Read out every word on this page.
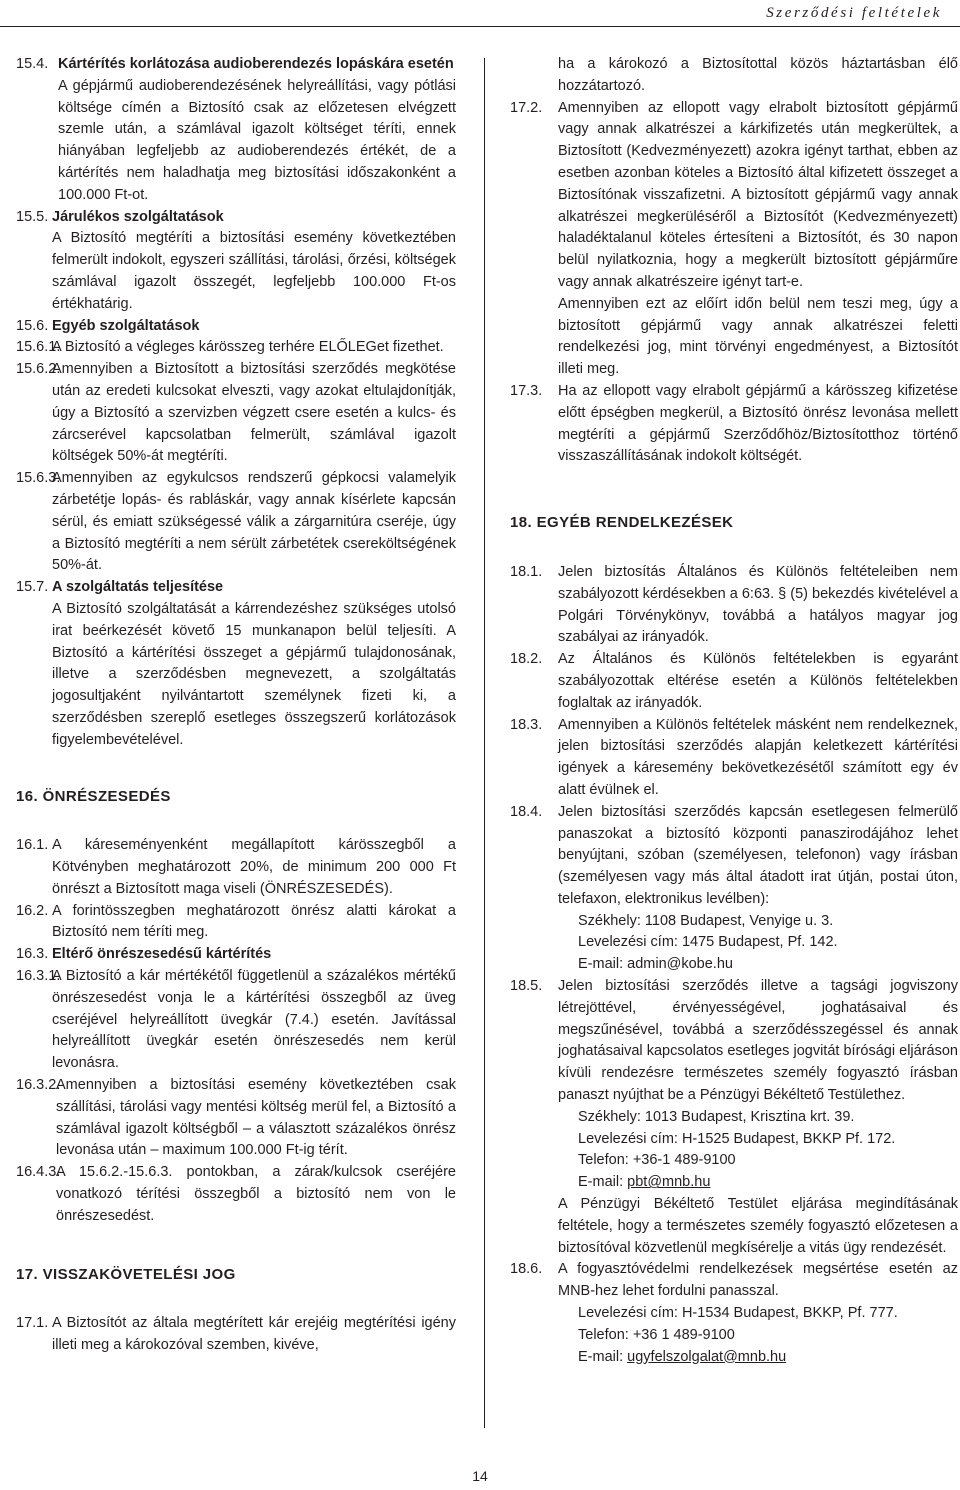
Szerződési feltételek
15.4. Kártérítés korlátozása audioberendezés lopáskára esetén
A gépjármű audioberendezésének helyreállítási, vagy pótlási költsége címén a Biztosító csak az előzetesen elvégzett szemle után, a számlával igazolt költséget téríti, ennek hiányában legfeljebb az audioberendezés értékét, de a kártérítés nem haladhatja meg biztosítási időszakonként a 100.000 Ft-ot.
15.5. Járulékos szolgáltatások
A Biztosító megtéríti a biztosítási esemény következtében felmerült indokolt, egyszeri szállítási, tárolási, őrzési, költségek számlával igazolt összegét, legfeljebb 100.000 Ft-os értékhatárig.
15.6. Egyéb szolgáltatások
15.6.1.
A Biztosító a végleges kárösszeg terhére ELŐLEGet fizethet.
15.6.2.
Amennyiben a Biztosított a biztosítási szerződés megkötése után az eredeti kulcsokat elveszti, vagy azokat eltulajdonítják, úgy a Biztosító a szervizben végzett csere esetén a kulcs- és zárcserével kapcsolatban felmerült, számlával igazolt költségek 50%-át megtéríti.
15.6.3.
Amennyiben az egykulcsos rendszerű gépkocsi valamelyik zárbetétje lopás- és rabláskár, vagy annak kísérlete kapcsán sérül, és emiatt szükségessé válik a zárgarnitúra cseréje, úgy a Biztosító megtéríti a nem sérült zárbetétek csereköltségének 50%-át.
15.7. A szolgáltatás teljesítése
A Biztosító szolgáltatását a kárrendezéshez szükséges utolsó irat beérkezését követő 15 munkanapon belül teljesíti. A Biztosító a kártérítési összeget a gépjármű tulajdonosának, illetve a szerződésben megnevezett, a szolgáltatás jogosultjaként nyilvántartott személynek fizeti ki, a szerződésben szereplő esetleges összegszerű korlátozások figyelembevételével.
16. ÖNRÉSZESEDÉS
16.1. A káreseményenként megállapított kárösszegből a Kötvényben meghatározott 20%, de minimum 200 000 Ft önrészt a Biztosított maga viseli (ÖNRÉSZESEDÉS).
16.2. A forintösszegben meghatározott önrész alatti károkat a Biztosító nem téríti meg.
16.3. Eltérő önrészesedésű kártérítés
16.3.1.
A Biztosító a kár mértékétől függetlenül a százalékos mértékű önrészesedést vonja le a kártérítési összegből az üveg cseréjével helyreállított üvegkár (7.4.) esetén. Javítással helyreállított üvegkár esetén önrészesedés nem kerül levonásra.
16.3.2.
Amennyiben a biztosítási esemény következtében csak szállítási, tárolási vagy mentési költség merül fel, a Biztosító a számlával igazolt költségből – a választott százalékos önrész levonása után – maximum 100.000 Ft-ig térít.
16.4.3.
A 15.6.2.-15.6.3. pontokban, a zárak/kulcsok cseréjére vonatkozó térítési összegből a biztosító nem von le önrészesedést.
17. VISSZAKÖVETELÉSI JOG
17.1. A Biztosítót az általa megtérített kár erejéig megtérítési igény illeti meg a károkozóval szemben, kivéve,
ha a károkozó a Biztosítottal közös háztartásban élő hozzátartozó.
17.2.	Amennyiben az ellopott vagy elrabolt biztosított gépjármű vagy annak alkatrészei a kárkifizetés után megkerültek, a Biztosított (Kedvezményezett) azokra igényt tarthat, ebben az esetben azonban köteles a Biztosító által kifizetett összeget a Biztosítónak visszafizetni. A biztosított gépjármű vagy annak alkatrészei megkerüléséről a Biztosítót (Kedvezményezett) haladéktalanul köteles értesíteni a Biztosítót, és 30 napon belül nyilatkoznia, hogy a megkerült biztosított gépjárműre vagy annak alkatrészeire igényt tart-e.
Amennyiben ezt az előírt időn belül nem teszi meg, úgy a biztosított gépjármű vagy annak alkatrészei feletti rendelkezési jog, mint törvényi engedményest, a Biztosítót illeti meg.
17.3.	Ha az ellopott vagy elrabolt gépjármű a kárösszeg kifizetése előtt épségben megkerül, a Biztosító önrész levonása mellett megtéríti a gépjármű Szerződőhöz/Biztosítotthoz történő visszaszállításának indokolt költségét.
18. EGYÉB RENDELKEZÉSEK
18.1.	Jelen biztosítás Általános és Különös feltételeiben nem szabályozott kérdésekben a 6:63. § (5) bekezdés kivételével a Polgári Törvénykönyv, továbbá a hatályos magyar jog szabályai az irányadók.
18.2.	Az Általános és Különös feltételekben is egyaránt szabályozottak eltérése esetén a Különös feltételekben foglaltak az irányadók.
18.3.	Amennyiben a Különös feltételek másként nem rendelkeznek, jelen biztosítási szerződés alapján keletkezett kártérítési igények a káresemény bekövetkezésétől számított egy év alatt évülnek el.
18.4.	Jelen biztosítási szerződés kapcsán esetlegesen felmerülő panaszokat a biztosító központi panaszirodájához lehet benyújtani, szóban (személyesen, telefonon) vagy írásban (személyesen vagy más által átadott irat útján, postai úton, telefaxon, elektronikus levélben):
Székhely: 1108 Budapest, Venyige u. 3.
Levelezési cím: 1475 Budapest, Pf. 142.
E-mail: admin@kobe.hu
18.5.	Jelen biztosítási szerződés illetve a tagsági jogviszony létrejöttével, érvényességével, joghatásaival és megszűnésével, továbbá a szerződésszegéssel és annak joghatásaival kapcsolatos esetleges jogvitát bírósági eljáráson kívüli rendezésre természetes személy fogyasztó írásban panaszt nyújthat be a Pénzügyi Békéltető Testülethez.
Székhely: 1013 Budapest, Krisztina krt. 39.
Levelezési cím: H-1525 Budapest, BKKP Pf. 172.
Telefon: +36-1 489-9100
E-mail: pbt@mnb.hu
A Pénzügyi Békéltető Testület eljárása megindításának feltétele, hogy a természetes személy fogyasztó előzetesen a biztosítóval közvetlenül megkísérelje a vitás ügy rendezését.
18.6.	A fogyasztóvédelmi rendelkezések megsértése esetén az MNB-hez lehet fordulni panasszal.
Levelezési cím: H-1534 Budapest, BKKP, Pf. 777.
Telefon: +36 1 489-9100
E-mail: ugyfelszolgalat@mnb.hu
14
